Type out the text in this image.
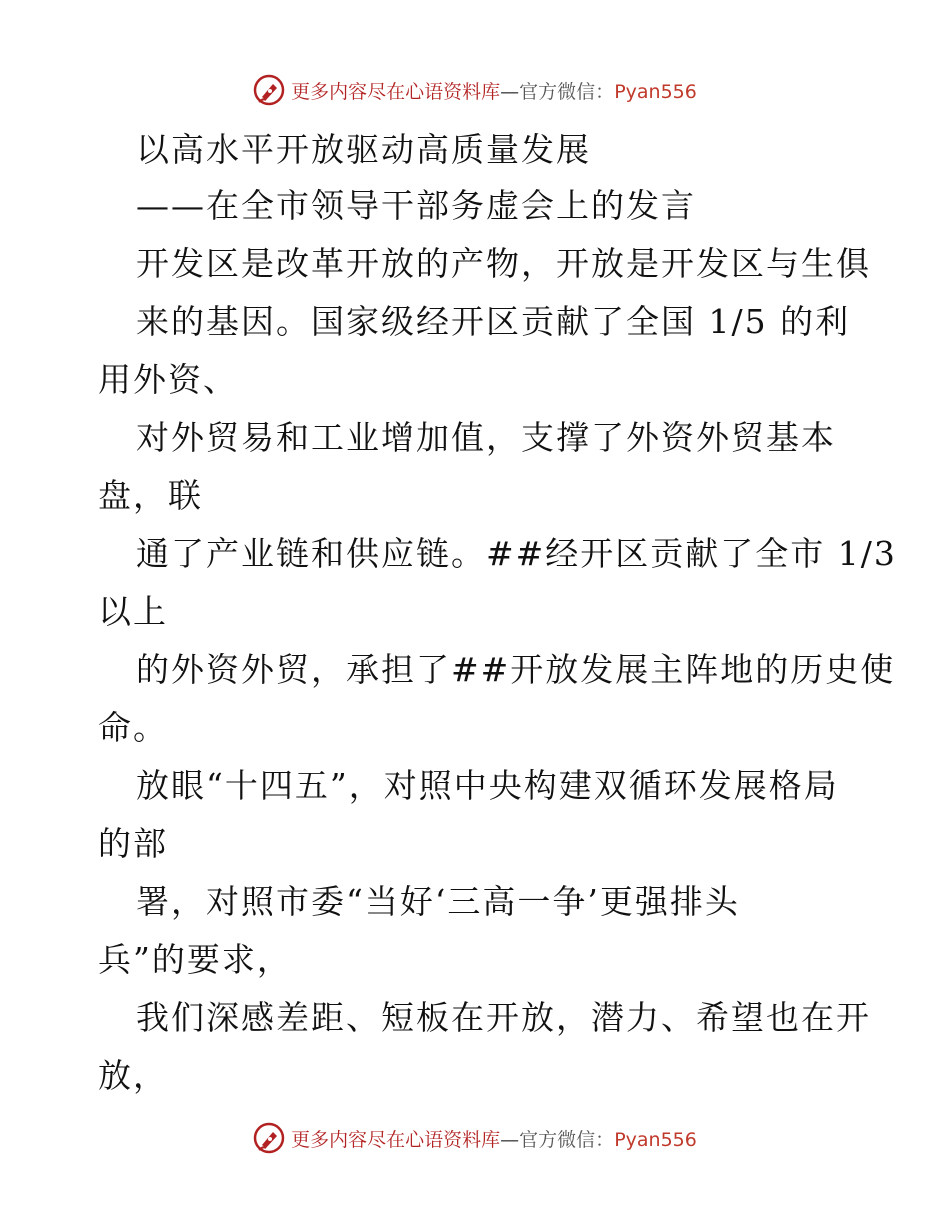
更多内容尽在心语资料库—官方微信：Pyan556
以高水平开放驱动高质量发展
——在全市领导干部务虚会上的发言
开发区是改革开放的产物，开放是开发区与生俱
来的基因。国家级经开区贡献了全国 1/5 的利
用外资、
对外贸易和工业增加值，支撑了外资外贸基本
盘，联
通了产业链和供应链。##经开区贡献了全市 1/3
以上
的外资外贸，承担了##开放发展主阵地的历史使
命。
放眼“十四五”，对照中央构建双循环发展格局
的部
署，对照市委“当好‘三高一争’更强排头
兵”的要求，
我们深感差距、短板在开放，潜力、希望也在开
放，
更多内容尽在心语资料库—官方微信：Pyan556
